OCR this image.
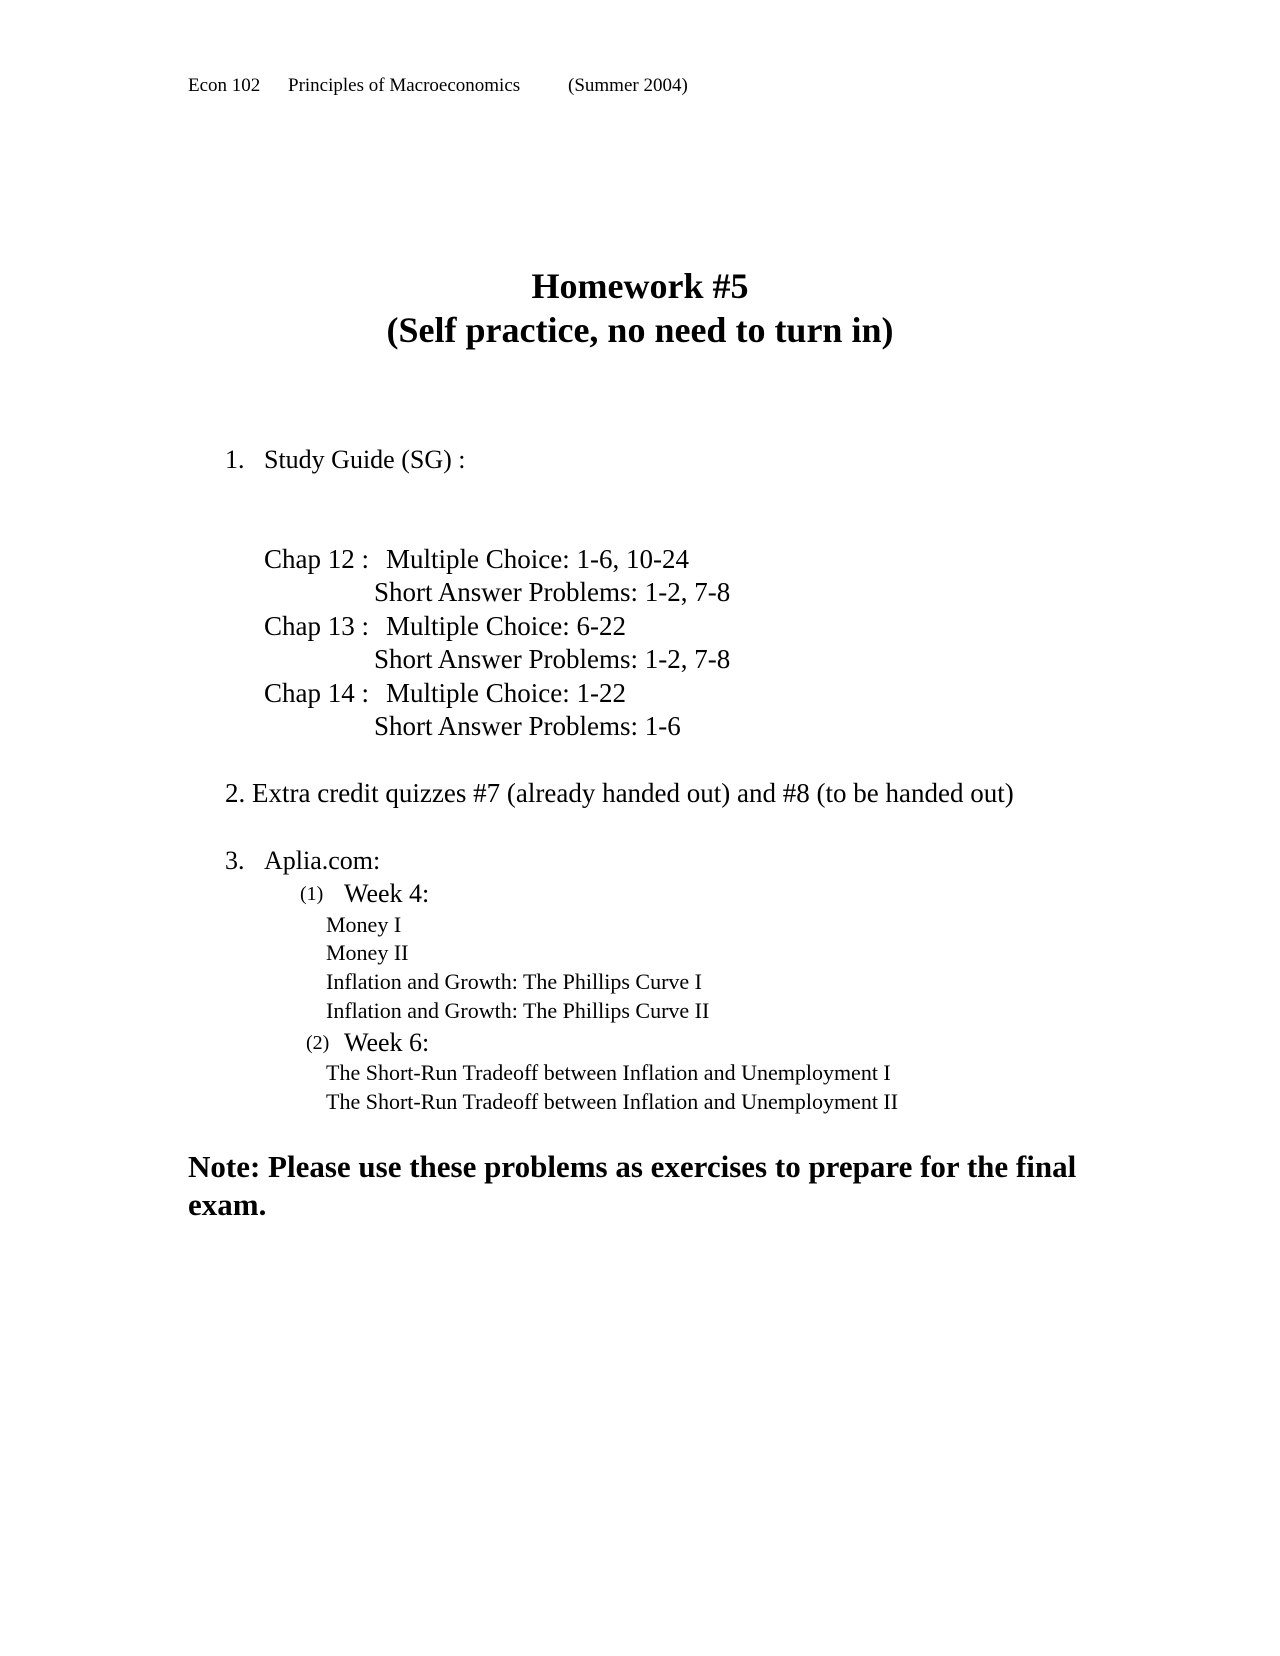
Econ 102 Principles of Macroeconomics	(Summer 2004)
Homework #5
(Self practice, no need to turn in)
1. Study Guide (SG) :
Chap 12 : Multiple Choice: 1-6, 10-24
Short Answer Problems: 1-2, 7-8
Chap 13 : Multiple Choice: 6-22
Short Answer Problems: 1-2, 7-8
Chap 14 : Multiple Choice: 1-22
Short Answer Problems: 1-6
2. Extra credit quizzes #7 (already handed out) and #8 (to be handed out)
3. Aplia.com:
(1) Week 4:
Money I
Money II
Inflation and Growth: The Phillips Curve I
Inflation and Growth: The Phillips Curve II
(2) Week 6:
The Short-Run Tradeoff between Inflation and Unemployment I
The Short-Run Tradeoff between Inflation and Unemployment II
Note: Please use these problems as exercises to prepare for the final exam.
